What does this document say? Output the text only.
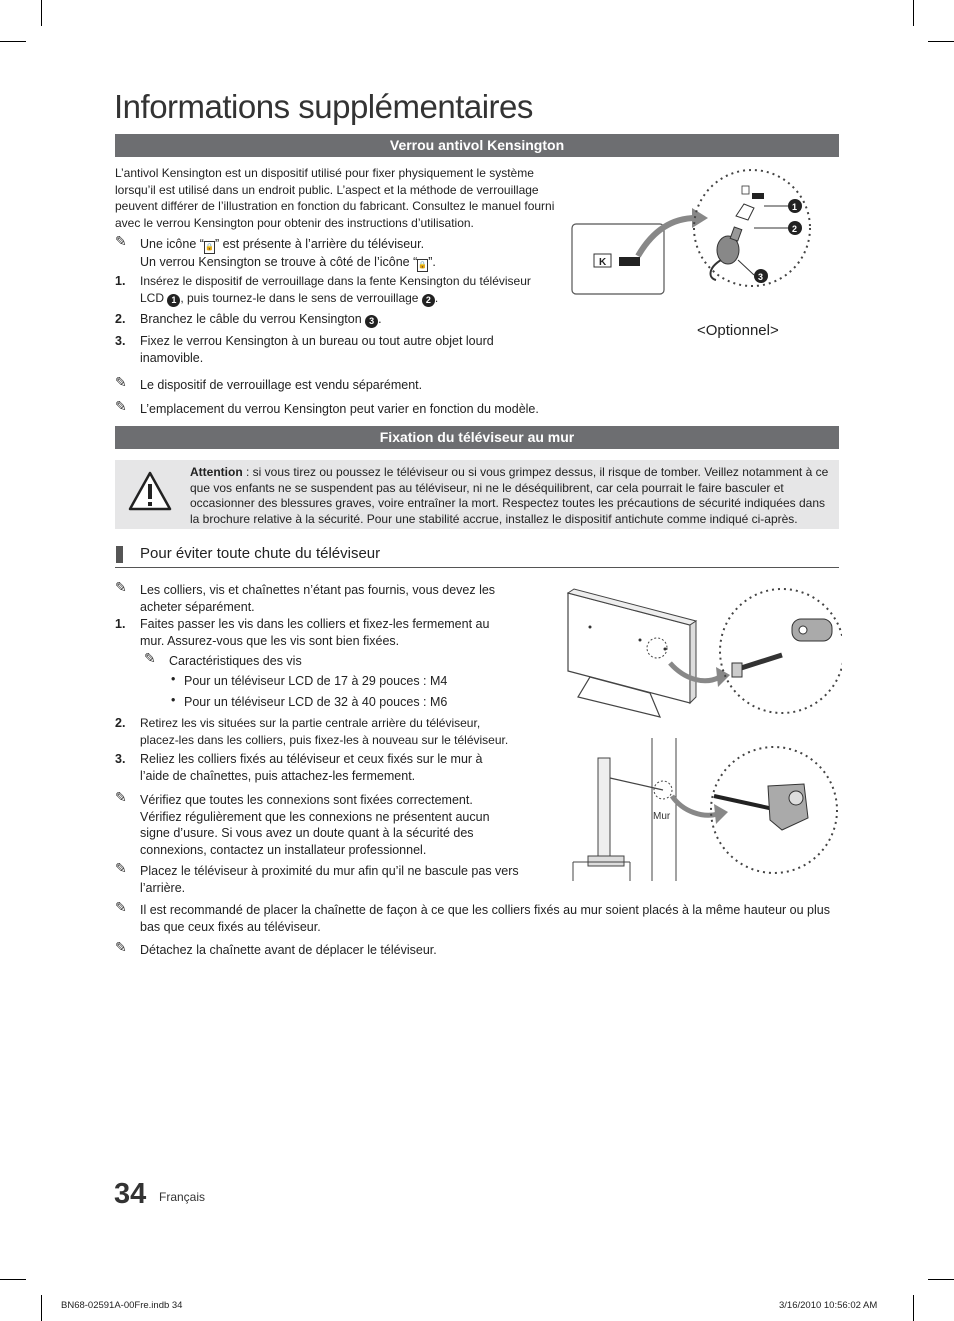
Informations supplémentaires
Verrou antivol Kensington
L’antivol Kensington est un dispositif utilisé pour fixer physiquement le système lorsqu’il est utilisé dans un endroit public. L’aspect et la méthode de verrouillage peuvent différer de l’illustration en fonction du fabricant. Consultez le manuel fourni avec le verrou Kensington pour obtenir des instructions d’utilisation.
✎ Une icône “🔒” est présente à l’arrière du téléviseur.
Un verrou Kensington se trouve à côté de l’icône “🔒”.
1. Insérez le dispositif de verrouillage dans la fente Kensington du téléviseur LCD 1 , puis tournez-le dans le sens de verrouillage 2 .
2. Branchez le câble du verrou Kensington 3 .
3. Fixez le verrou Kensington à un bureau ou tout autre objet lourd inamovible.
✎ Le dispositif de verrouillage est vendu séparément.
✎ L’emplacement du verrou Kensington peut varier en fonction du modèle.
K
1
2
3
<Optionnel>
Fixation du téléviseur au mur
Attention : si vous tirez ou poussez le téléviseur ou si vous grimpez dessus, il risque de tomber. Veillez notamment à ce que vos enfants ne se suspendent pas au téléviseur, ni ne le déséquilibrent, car cela pourrait le faire basculer et occasionner des blessures graves, voire entraîner la mort. Respectez toutes les précautions de sécurité indiquées dans la brochure relative à la sécurité. Pour une stabilité accrue, installez le dispositif antichute comme indiqué ci-après.
Pour éviter toute chute du téléviseur
✎ Les colliers, vis et chaînettes n’étant pas fournis, vous devez les acheter séparément.
1. Faites passer les vis dans les colliers et fixez-les fermement au mur. Assurez-vous que les vis sont bien fixées.
✎ Caractéristiques des vis
• Pour un téléviseur LCD de 17 à 29 pouces : M4
• Pour un téléviseur LCD de 32 à 40 pouces : M6
2. Retirez les vis situées sur la partie centrale arrière du téléviseur, placez-les dans les colliers, puis fixez-les à nouveau sur le téléviseur.
3. Reliez les colliers fixés au téléviseur et ceux fixés sur le mur à l’aide de chaînettes, puis attachez-les fermement.
✎ Vérifiez que toutes les connexions sont fixées correctement. Vérifiez régulièrement que les connexions ne présentent aucun signe d’usure. Si vous avez un doute quant à la sécurité des connexions, contactez un installateur professionnel.
✎ Placez le téléviseur à proximité du mur afin qu’il ne bascule pas vers l’arrière.
✎ Il est recommandé de placer la chaînette de façon à ce que les colliers fixés au mur soient placés à la même hauteur ou plus bas que ceux fixés au téléviseur.
✎ Détachez la chaînette avant de déplacer le téléviseur.
Mur
34 Français
BN68-02591A-00Fre.indb 34	3/16/2010 10:56:02 AM
